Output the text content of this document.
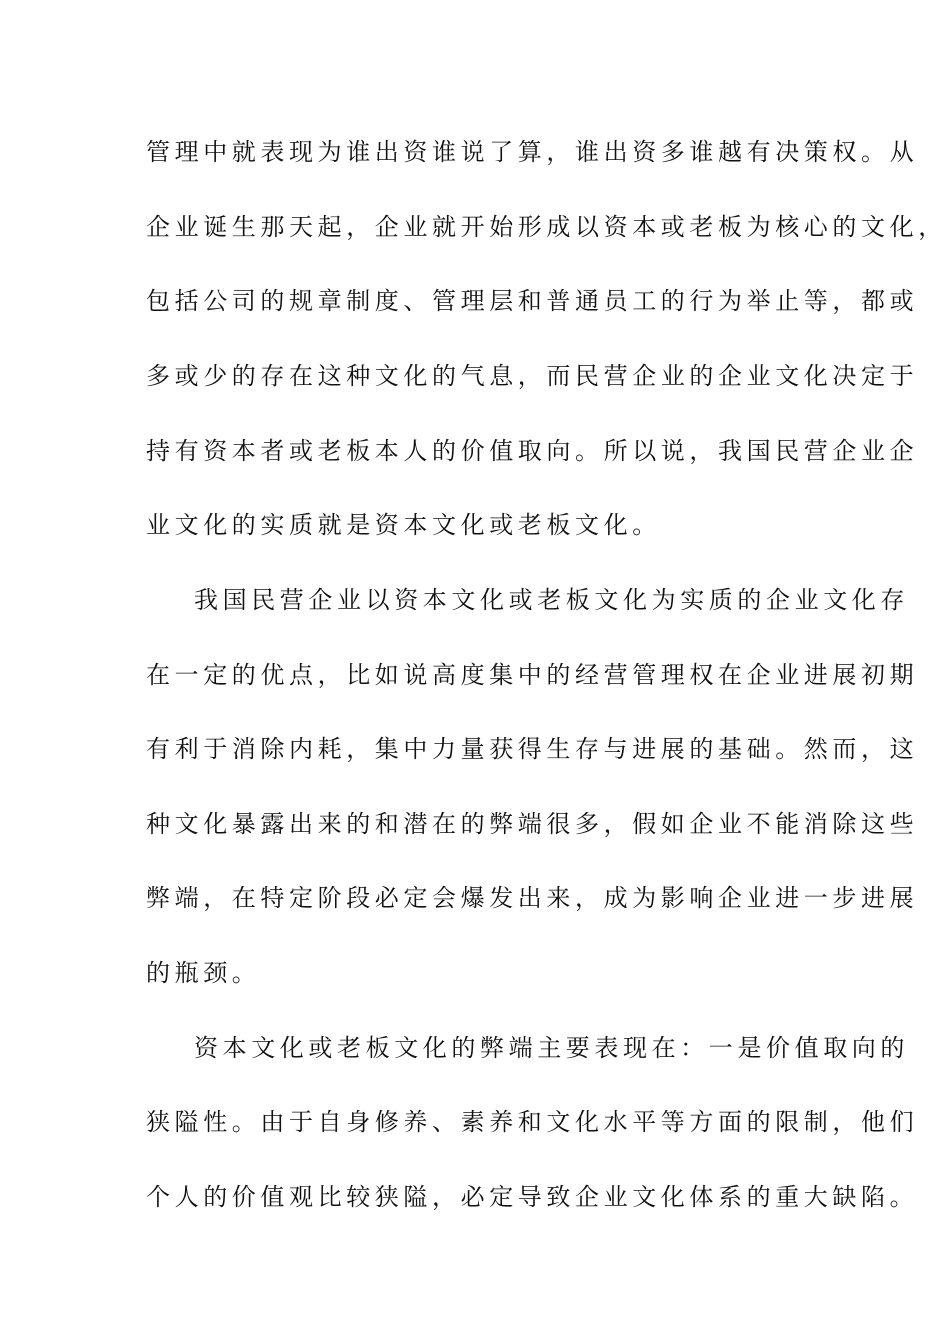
管理中就表现为谁出资谁说了算，谁出资多谁越有决策权。从
企业诞生那天起，企业就开始形成以资本或老板为核心的文化，
包括公司的规章制度、管理层和普通员工的行为举止等，都或
多或少的存在这种文化的气息，而民营企业的企业文化决定于
持有资本者或老板本人的价值取向。所以说，我国民营企业企
业文化的实质就是资本文化或老板文化。
我国民营企业以资本文化或老板文化为实质的企业文化存
在一定的优点，比如说高度集中的经营管理权在企业进展初期
有利于消除内耗，集中力量获得生存与进展的基础。然而，这
种文化暴露出来的和潜在的弊端很多，假如企业不能消除这些
弊端，在特定阶段必定会爆发出来，成为影响企业进一步进展
的瓶颈。
资本文化或老板文化的弊端主要表现在：一是价值取向的
狭隘性。由于自身修养、素养和文化水平等方面的限制，他们
个人的价值观比较狭隘，必定导致企业文化体系的重大缺陷。
